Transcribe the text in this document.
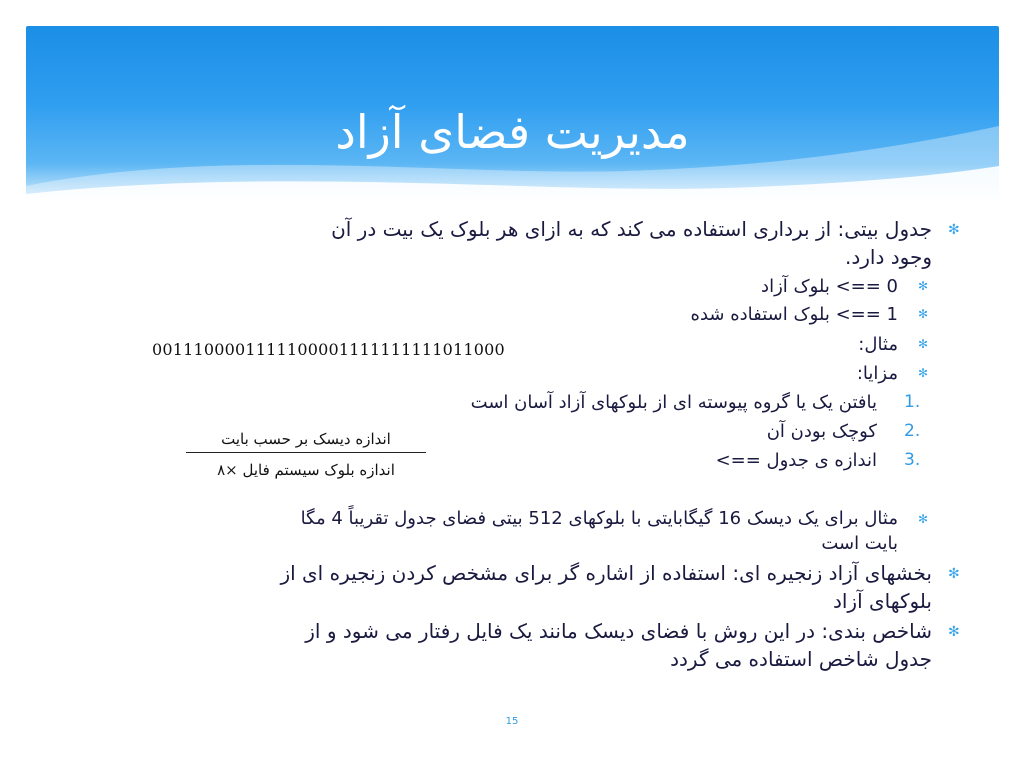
مدیریت فضای آزاد
✻
جدول بیتی: از برداری استفاده می کند که به ازای هر بلوک یک بیت در آن
وجود دارد.
✻
0 ==> بلوک آزاد
✻
1 ==> بلوک استفاده شده
✻
مثال:
0011100001111100001111111111011000
✻
مزایا:
1.
یافتن یک یا گروه پیوسته ای از بلوکهای آزاد آسان است
2.
کوچک بودن آن
3.
اندازه ی جدول ==>
اندازه دیسک بر حسب بایت
اندازه بلوک سیستم فایل ×۸
✻
مثال برای یک دیسک 16 گیگابایتی با بلوکهای 512 بیتی فضای جدول تقریباً 4 مگا
بایت است
✻
بخشهای آزاد زنجیره ای: استفاده از اشاره گر برای مشخص کردن زنجیره ای از
بلوکهای آزاد
✻
شاخص بندی: در این روش با فضای دیسک مانند یک فایل رفتار می شود و از
جدول شاخص استفاده می گردد
15
